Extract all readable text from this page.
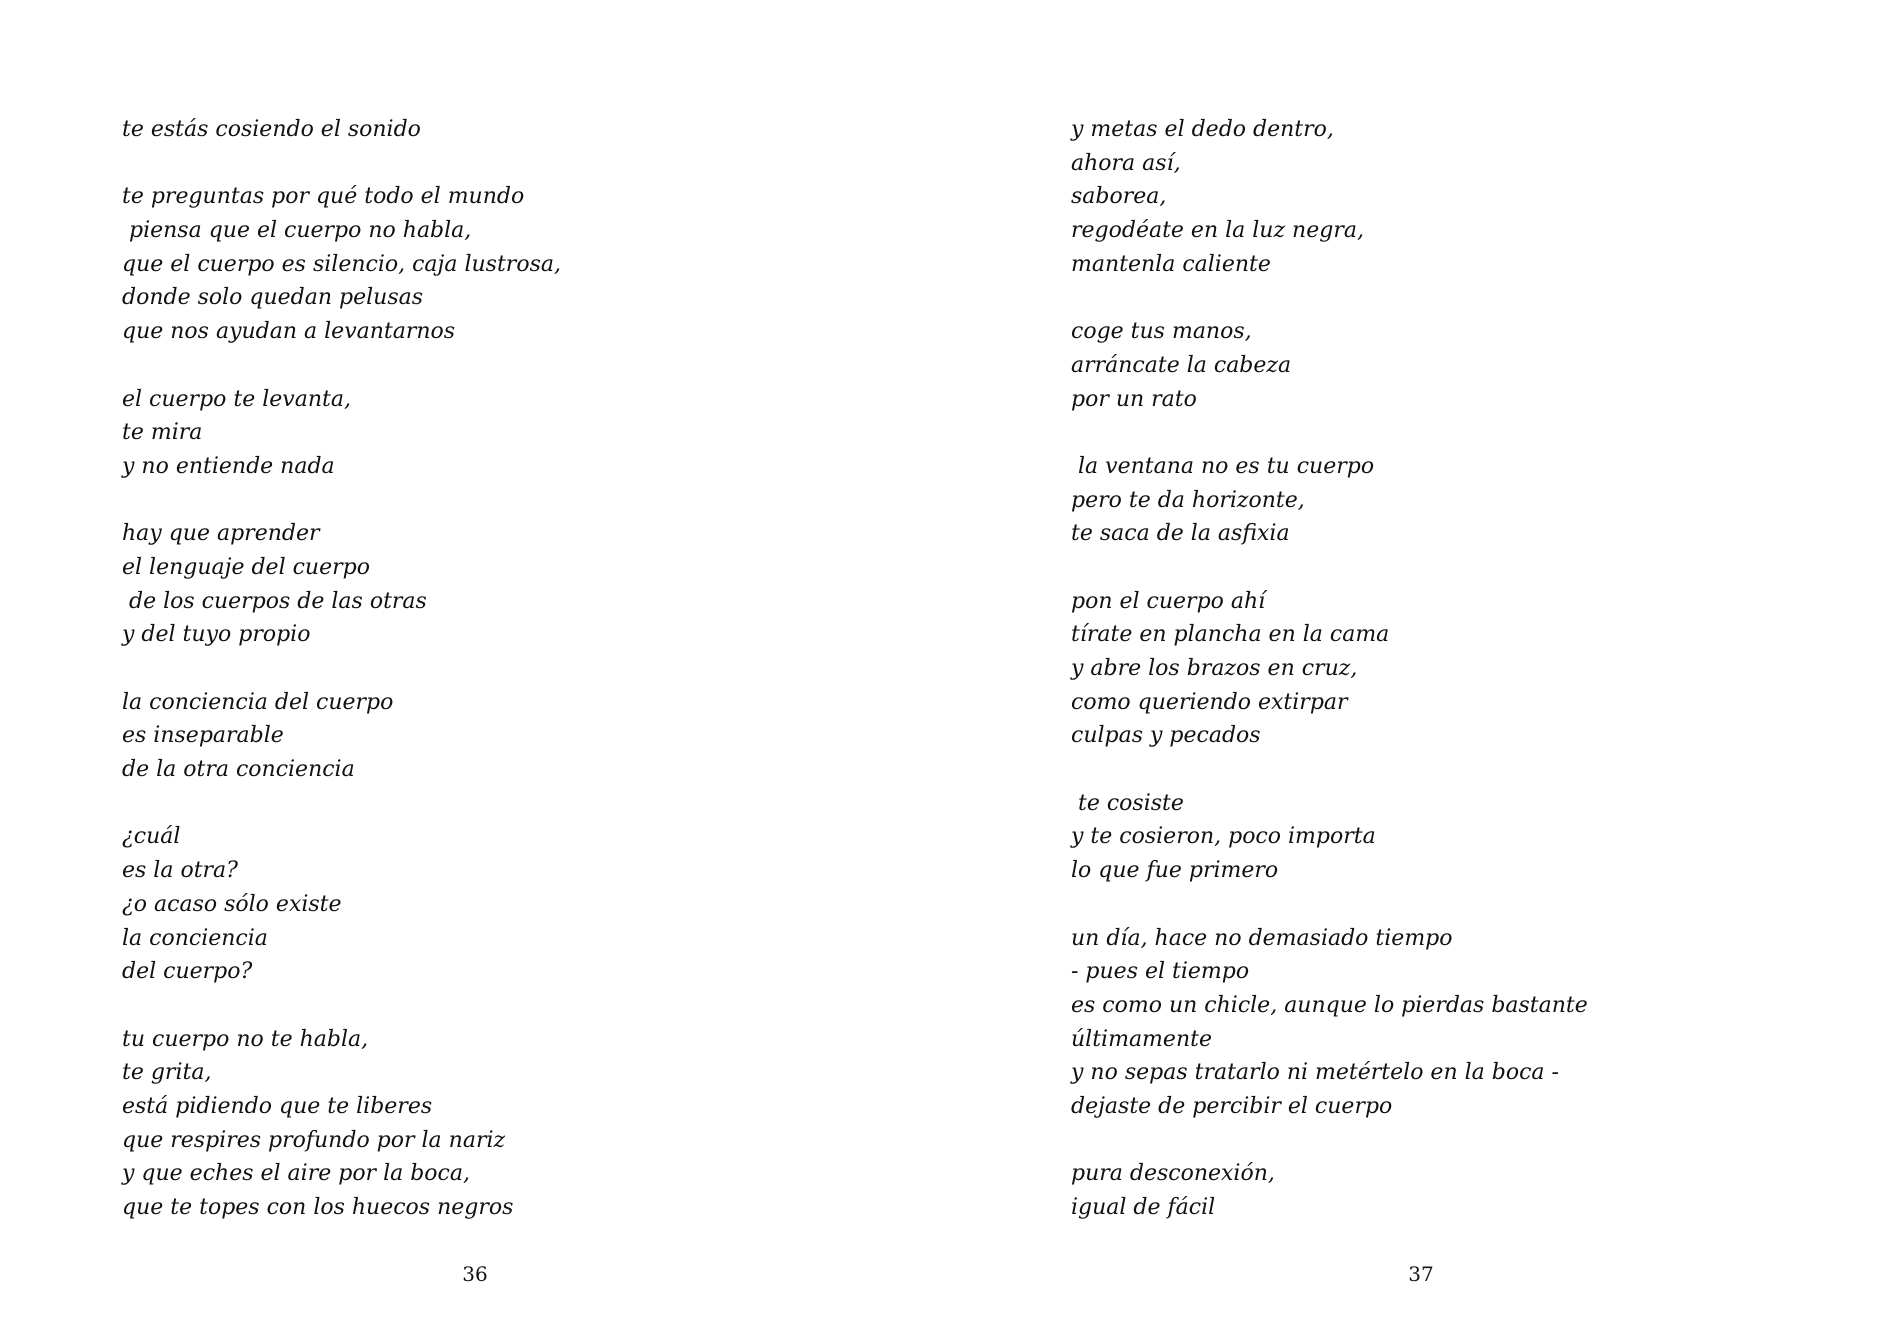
te estás cosiendo el sonido
te preguntas por qué todo el mundo
piensa que el cuerpo no habla,
que el cuerpo es silencio, caja lustrosa,
donde solo quedan pelusas
que nos ayudan a levantarnos
el cuerpo te levanta,
te mira
y no entiende nada
hay que aprender
el lenguaje del cuerpo
de los cuerpos de las otras
y del tuyo propio
la conciencia del cuerpo
es inseparable
de la otra conciencia
¿cuál
es la otra?
¿o acaso sólo existe
la conciencia
del cuerpo?
tu cuerpo no te habla,
te grita,
está pidiendo que te liberes
que respires profundo por la nariz
y que eches el aire por la boca,
que te topes con los huecos negros
36
y metas el dedo dentro,
ahora así,
saborea,
regodéate en la luz negra,
mantenla caliente
coge tus manos,
arráncate la cabeza
por un rato
la ventana no es tu cuerpo
pero te da horizonte,
te saca de la asfixia
pon el cuerpo ahí
tírate en plancha en la cama
y abre los brazos en cruz,
como queriendo extirpar
culpas y pecados
te cosiste
y te cosieron, poco importa
lo que fue primero
un día, hace no demasiado tiempo
- pues el tiempo
es como un chicle, aunque lo pierdas bastante
últimamente
y no sepas tratarlo ni metértelo en la boca -
dejaste de percibir el cuerpo
pura desconexión,
igual de fácil
37
